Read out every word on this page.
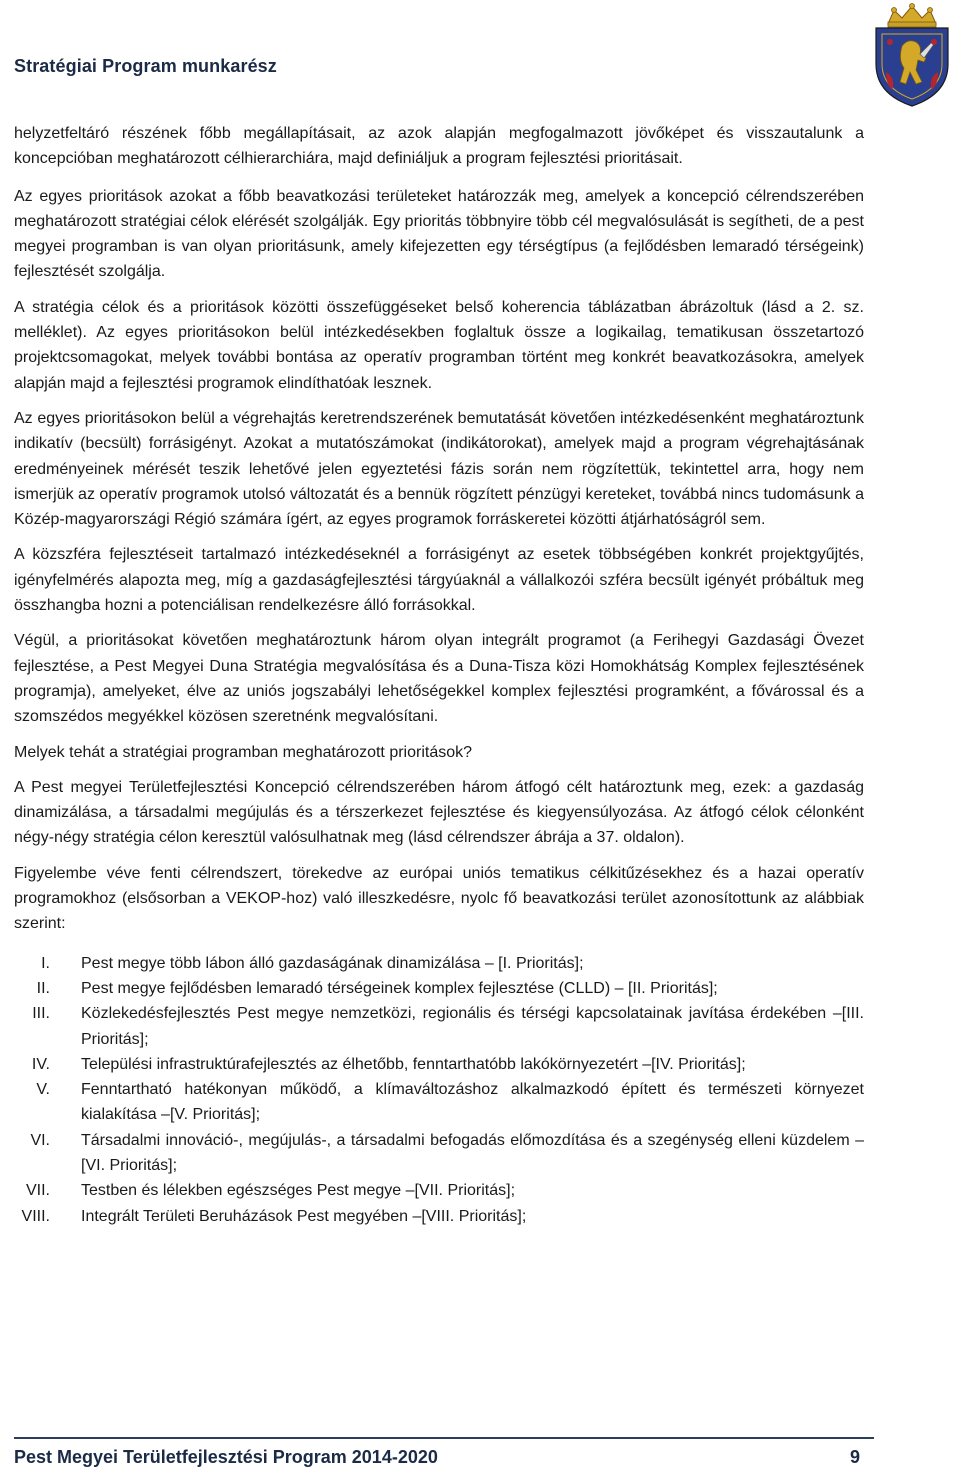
Stratégiai Program munkarész

helyzetfeltáró részének főbb megállapításait, az azok alapján megfogalmazott jövőképet és visszautalunk a koncepcióban meghatározott célhierarchiára, majd definiáljuk a program fejlesztési prioritásait.

Az egyes prioritások azokat a főbb beavatkozási területeket határozzák meg, amelyek a koncepció célrendszerében meghatározott stratégiai célok elérését szolgálják. Egy prioritás többnyire több cél megvalósulását is segítheti, de a pest megyei programban is van olyan prioritásunk, amely kifejezetten egy térségtípus (a fejlődésben lemaradó térségeink) fejlesztését szolgálja.

A stratégia célok és a prioritások közötti összefüggéseket belső koherencia táblázatban ábrázoltuk (lásd a 2. sz. melléklet). Az egyes prioritásokon belül intézkedésekben foglaltuk össze a logikailag, tematikusan összetartozó projektcsomagokat, melyek további bontása az operatív programban történt meg konkrét beavatkozásokra, amelyek alapján majd a fejlesztési programok elindíthatóak lesznek.

Az egyes prioritásokon belül a végrehajtás keretrendszerének bemutatását követően intézkedésenként meghatároztunk indikatív (becsült) forrásigényt. Azokat a mutatószámokat (indikátorokat), amelyek majd a program végrehajtásának eredményeinek mérését teszik lehetővé jelen egyeztetési fázis során nem rögzítettük, tekintettel arra, hogy nem ismerjük az operatív programok utolsó változatát és a bennük rögzített pénzügyi kereteket, továbbá nincs tudomásunk a Közép-magyarországi Régió számára ígért, az egyes programok forráskeretei közötti átjárhatóságról sem.

A közszféra fejlesztéseit tartalmazó intézkedéseknél a forrásigényt az esetek többségében konkrét projektgyűjtés, igényfelmérés alapozta meg, míg a gazdaságfejlesztési tárgyúaknál a vállalkozói szféra becsült igényét próbáltuk meg összhangba hozni a potenciálisan rendelkezésre álló forrásokkal.

Végül, a prioritásokat követően meghatároztunk három olyan integrált programot (a Ferihegyi Gazdasági Övezet fejlesztése, a Pest Megyei Duna Stratégia megvalósítása és a Duna-Tisza közi Homokhátság Komplex fejlesztésének programja), amelyeket, élve az uniós jogszabályi lehetőségekkel komplex fejlesztési programként, a fővárossal és a szomszédos megyékkel közösen szeretnénk megvalósítani.

Melyek tehát a stratégiai programban meghatározott prioritások?

A Pest megyei Területfejlesztési Koncepció célrendszerében három átfogó célt határoztunk meg, ezek: a gazdaság dinamizálása, a társadalmi megújulás és a térszerkezet fejlesztése és kiegyensúlyozása. Az átfogó célok célonként négy-négy stratégia célon keresztül valósulhatnak meg (lásd célrendszer ábrája a 37. oldalon).

Figyelembe véve fenti célrendszert, törekedve az európai uniós tematikus célkitűzésekhez és a hazai operatív programokhoz (elsősorban a VEKOP-hoz) való illeszkedésre, nyolc fő beavatkozási terület azonosítottunk az alábbiak szerint:

I.	Pest megye több lábon álló gazdaságának dinamizálása – [I. Prioritás];
II.	Pest megye fejlődésben lemaradó térségeinek komplex fejlesztése (CLLD) – [II. Prioritás];
III.	Közlekedésfejlesztés Pest megye nemzetközi, regionális és térségi kapcsolatainak javítása érdekében –[III. Prioritás];
IV.	Települési infrastruktúrafejlesztés az élhetőbb, fenntarthatóbb lakókörnyezetért –[IV. Prioritás];
V.	Fenntartható hatékonyan működő, a klímaváltozáshoz alkalmazkodó épített és természeti környezet kialakítása –[V. Prioritás];
VI.	Társadalmi innováció-, megújulás-, a társadalmi befogadás előmozdítása és a szegénység elleni küzdelem –[VI. Prioritás];
VII.	Testben és lélekben egészséges Pest megye –[VII. Prioritás];
VIII.	Integrált Területi Beruházások Pest megyében –[VIII. Prioritás];
Pest Megyei Területfejlesztési Program 2014-2020	9
